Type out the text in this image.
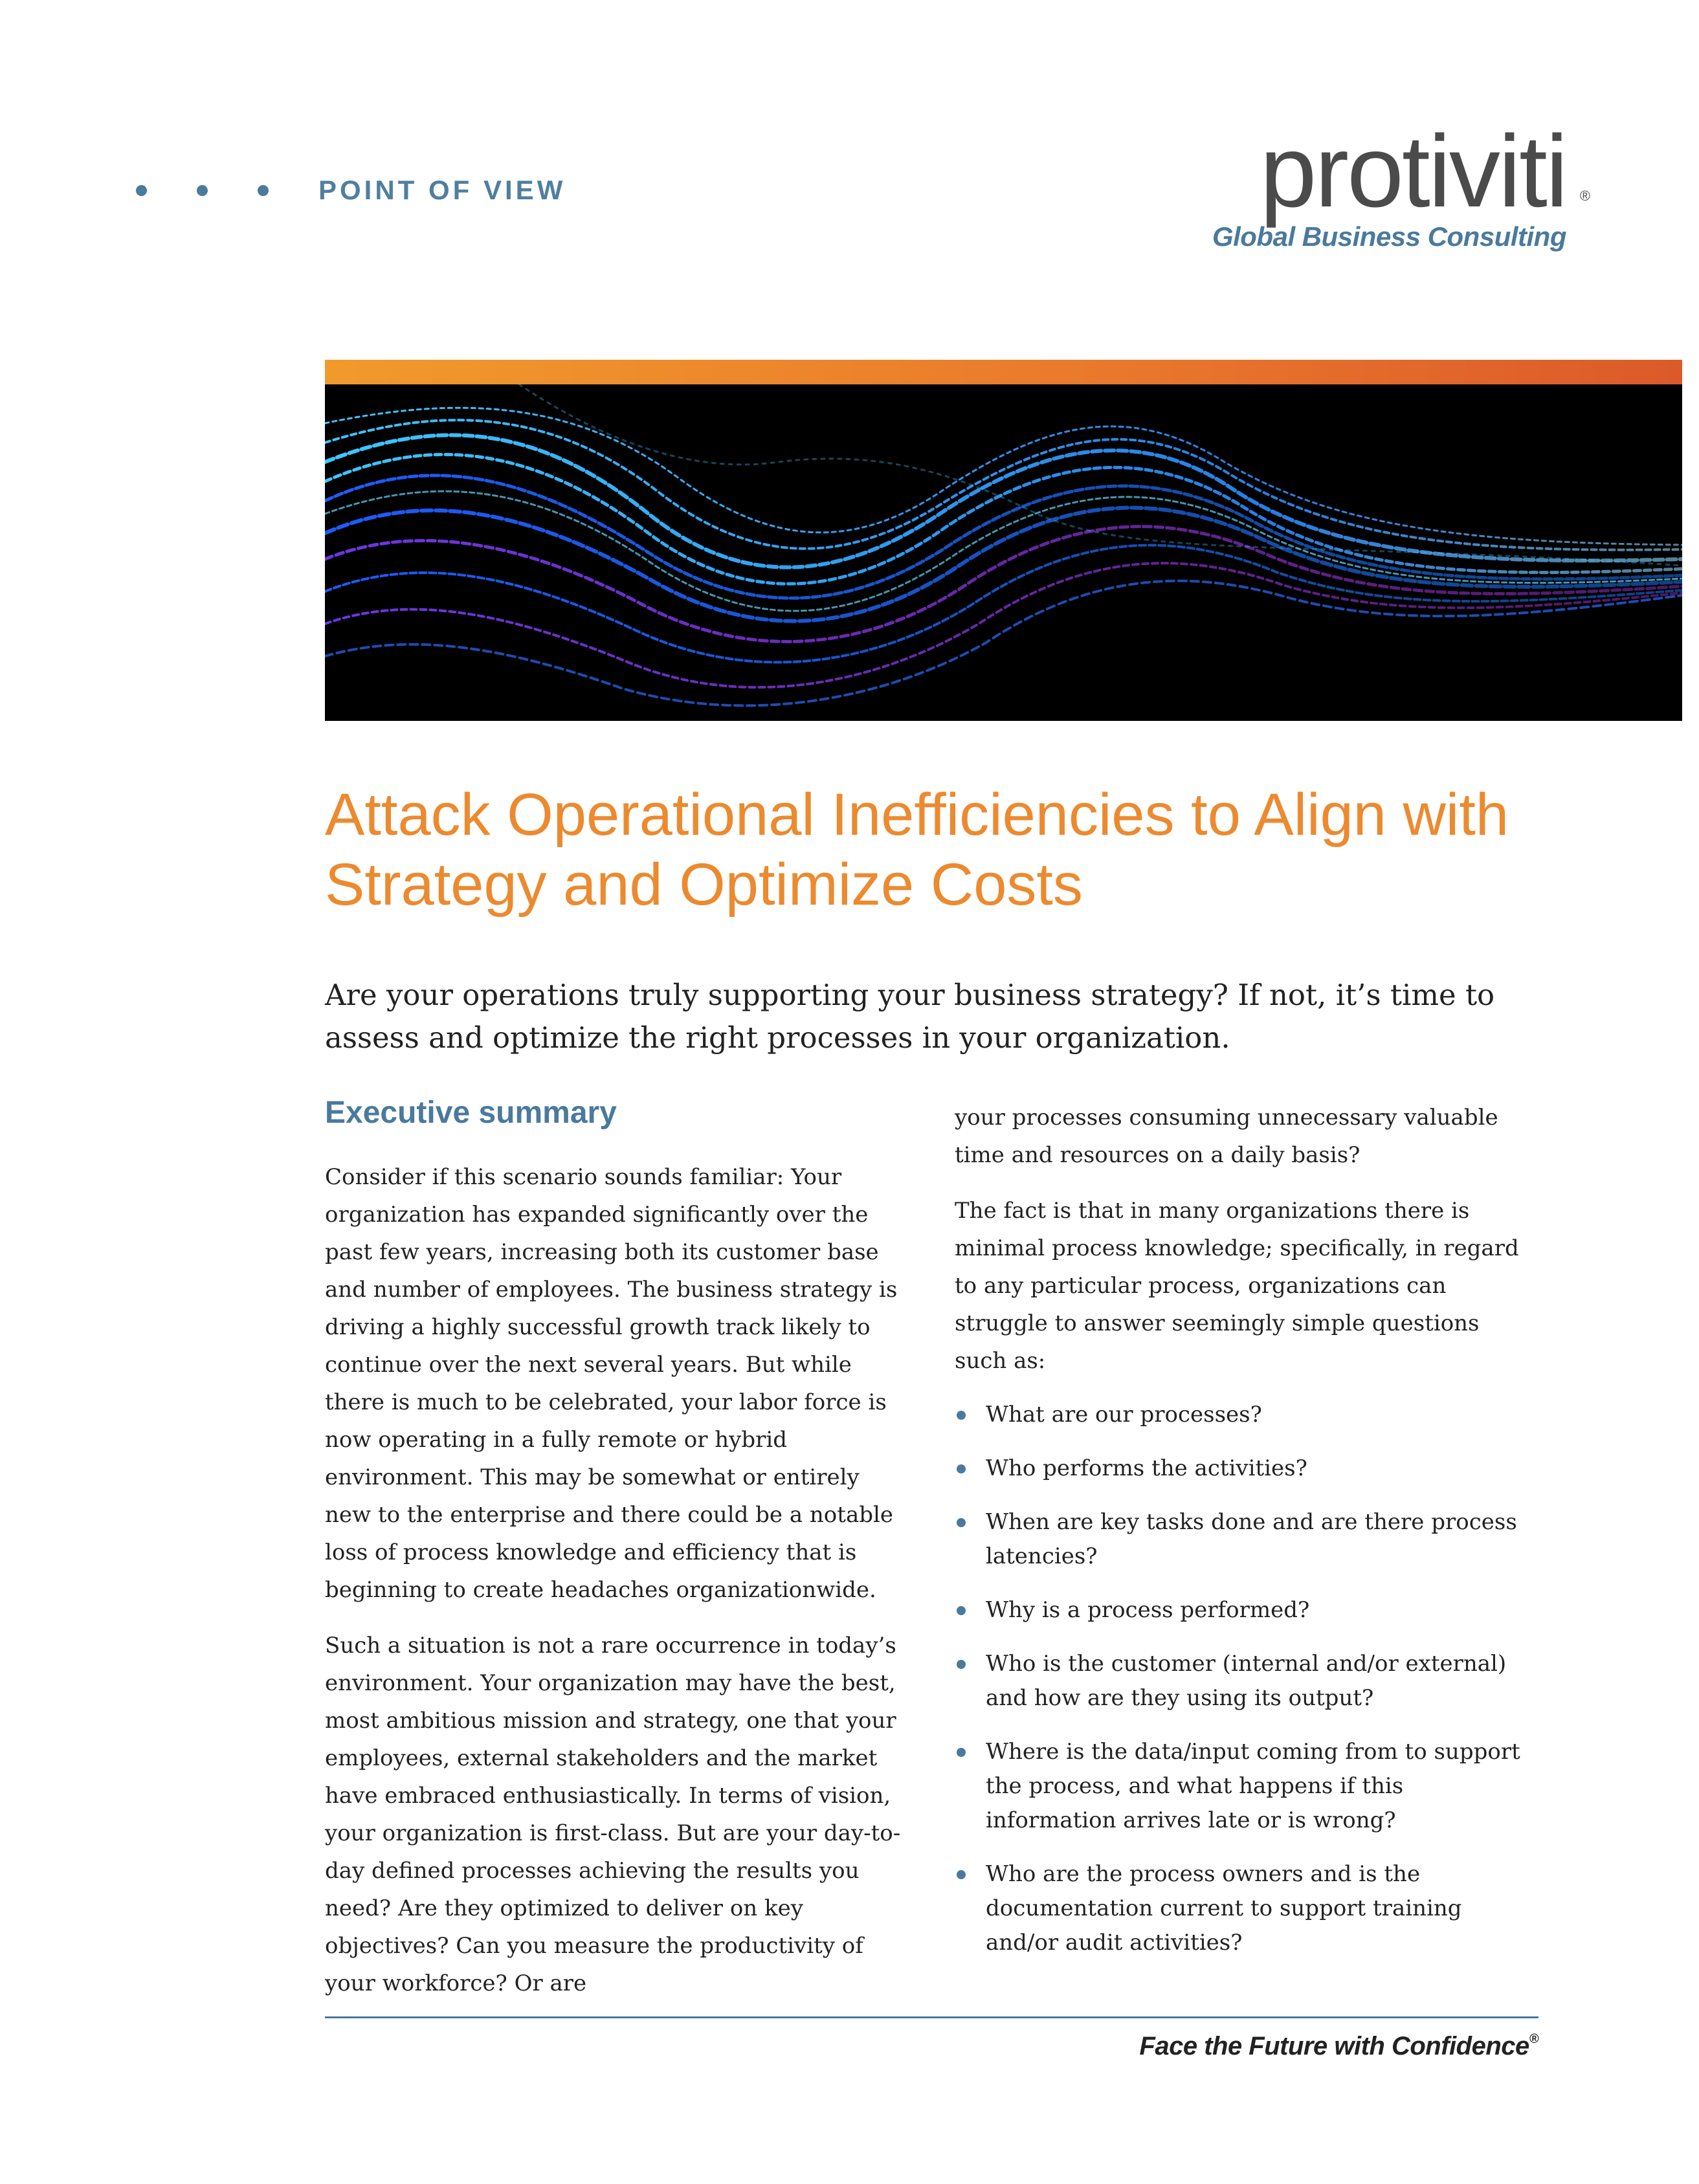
POINT OF VIEW	protiviti ®
Global Business Consulting
Attack Operational Inefficiencies to Align with Strategy and Optimize Costs

Are your operations truly supporting your business strategy? If not, it’s time to assess and optimize the right processes in your organization.

Executive summary

Consider if this scenario sounds familiar: Your organization has expanded significantly over the past few years, increasing both its customer base and number of employees. The business strategy is driving a highly successful growth track likely to continue over the next several years. But while there is much to be celebrated, your labor force is now operating in a fully remote or hybrid environment. This may be somewhat or entirely new to the enterprise and there could be a notable loss of process knowledge and efficiency that is beginning to create headaches organizationwide.

Such a situation is not a rare occurrence in today’s environment. Your organization may have the best, most ambitious mission and strategy, one that your employees, external stakeholders and the market have embraced enthusiastically. In terms of vision, your organization is first-class. But are your day-to-day defined processes achieving the results you need? Are they optimized to deliver on key objectives? Can you measure the productivity of your workforce? Or are

your processes consuming unnecessary valuable time and resources on a daily basis?

The fact is that in many organizations there is minimal process knowledge; specifically, in regard to any particular process, organizations can struggle to answer seemingly simple questions such as:

What are our processes?
Who performs the activities?
When are key tasks done and are there process latencies?
Why is a process performed?
Who is the customer (internal and/or external) and how are they using its output?
Where is the data/input coming from to support the process, and what happens if this information arrives late or is wrong?
Who are the process owners and is the documentation current to support training and/or audit activities?
Face the Future with Confidence®
